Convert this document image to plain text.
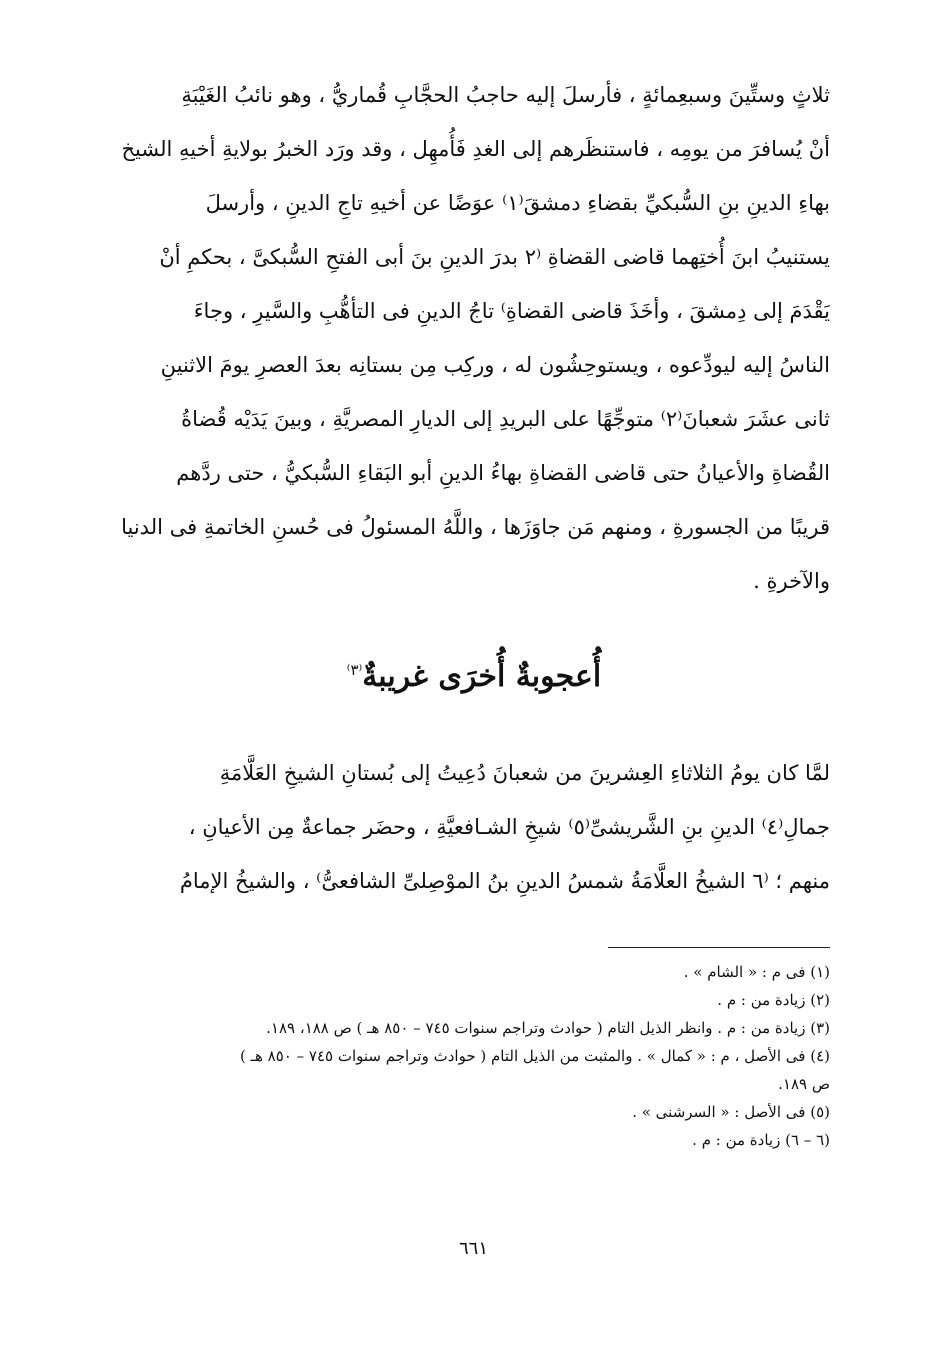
ثلاثٍ وستِّينَ وسبعِمائةٍ ، فأرسلَ إليه حاجبُ الحجَّابِ قُماريُّ ، وهو نائبُ الغَيْبَةِ
أنْ يُسافرَ من يومِه ، فاستنظَرهم إلى الغدِ فَأُمهِل ، وقد ورَد الخبرُ بولايةِ أخيهِ الشيخ
بهاءِ الدينِ بنِ السُّبكيِّ بقضاءِ دمشقَ⁽١⁾ عوَضًا عن أخيهِ تاجِ الدينِ ، وأرسلَ
يستنيبُ ابنَ أُختِهما قاضى القضاةِ ⁽٢ بدرَ الدينِ بنَ أبى الفتحِ السُّبكىَّ ، بحكمِ أنْ
يَقْدَمَ إلى دِمشقَ ، وأخَذَ قاضى القضاةِ⁾ تاجُ الدينِ فى التأهُّبِ والسَّيرِ ، وجاءَ
الناسُ إليه ليودِّعوه ، ويستوحِشُون له ، وركِب مِن بستانِه بعدَ العصرِ يومَ الاثنينِ
ثانى عشَرَ شعبانَ⁽٢⁾ متوجِّهًا على البريدِ إلى الديارِ المصريَّةِ ، وبينَ يَدَيْه قُضاةُ
القُضاةِ والأعيانُ حتى قاضى القضاةِ بهاءُ الدينِ أبو البَقاءِ السُّبكيُّ ، حتى ردَّهم
قريبًا من الجسورةِ ، ومنهم مَن جاوَزَها ، واللَّهُ المسئولُ فى حُسنِ الخاتمةِ فى الدنيا
والآخرةِ .
أُعجوبةٌ أُخرَى غريبةٌ$^{^(٣^)}$
لمَّا كان يومُ الثلاثاءِ العِشرينَ من شعبانَ دُعِيتُ إلى بُستانِ الشيخِ العَلَّامَةِ
جمالِ⁽٤⁾ الدينِ بنِ الشَّريشىِّ⁽٥⁾ شيخِ الشـافعيَّةِ ، وحضَر جماعةٌ مِن الأعيانِ ،
منهم ؛ ⁽٦ الشيخُ العلَّامَةُ شمسُ الدينِ بنُ الموْصِلىِّ الشافعىُّ⁾ ، والشيخُ الإمامُ
(١) فى م : « الشام » .
(٢) زيادة من : م .
(٣) زيادة من : م . وانظر الذيل التام ( حوادث وتراجم سنوات ٧٤٥ – ٨٥٠ هـ ) ص ١٨٨، ١٨٩.
(٤) فى الأصل ، م : « كمال » . والمثبت من الذيل التام ( حوادث وتراجم سنوات ٧٤٥ – ٨٥٠ هـ )
ص ١٨٩.
(٥) فى الأصل : « السرشنى » .
(٦ – ٦) زيادة من : م .
٦٦١
